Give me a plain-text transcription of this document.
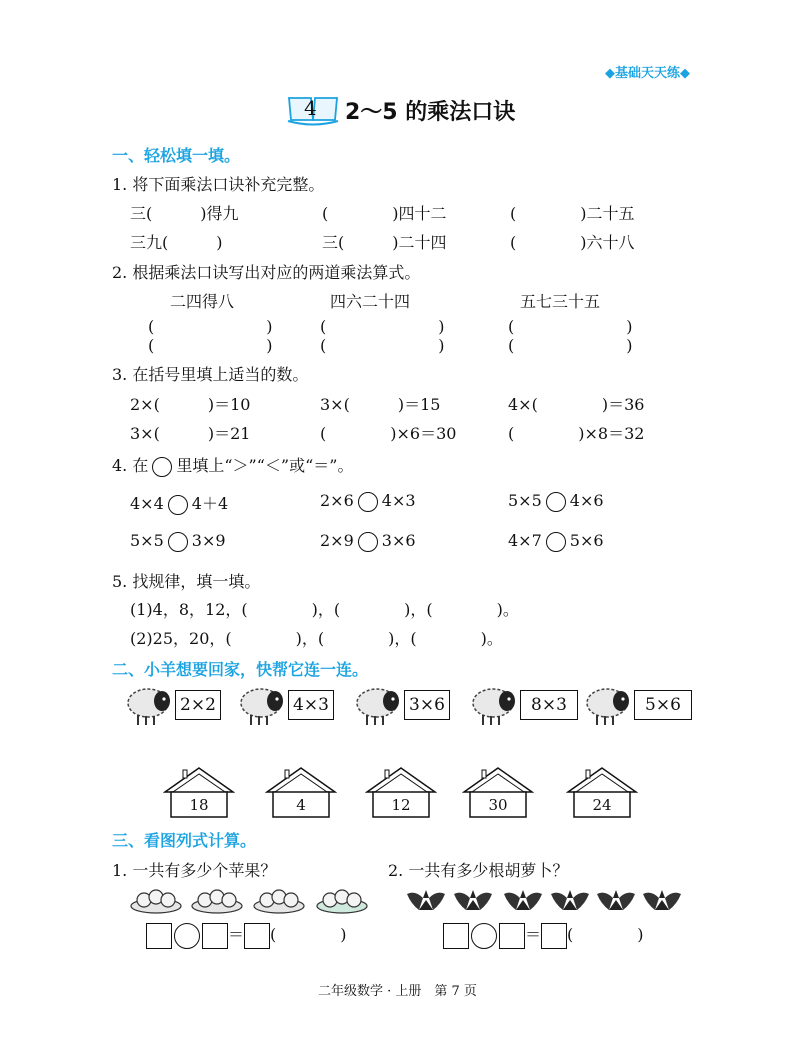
◆基础天天练◆
4 2～5 的乘法口诀
一、轻松填一填。
1. 将下面乘法口诀补充完整。
三(　　　)得九	(　　　　)四十二	(　　　　)二十五
三九(　　　)	三(　　　)二十四	(　　　　)六十八
2. 根据乘法口诀写出对应的两道乘法算式。
二四得八	四六二十四	五七三十五
(　　　　　　　)	(　　　　　　　)	(　　　　　　　)
(　　　　　　　)	(　　　　　　　)	(　　　　　　　)
3. 在括号里填上适当的数。
2×(　　　)＝10	3×(　　　)＝15	4×(　　　　)＝36
3×(　　　)＝21	(　　　　)×6＝30	(　　　　)×8＝32
4. 在 里填上“＞”“＜”或“＝”。
4×4 4＋4	2×6 4×3	5×5 4×6
5×5 3×9	2×9 3×6	4×7 5×6
5. 找规律，填一填。
(1)4，8，12，(　　　　)，(　　　　)，(　　　　)。
(2)25，20，(　　　　)，(　　　　)，(　　　　)。
二、小羊想要回家，快帮它连一连。
2×2	4×3	3×6	8×3	5×6
18	4	12	30	24
三、看图列式计算。
1. 一共有多少个苹果？	2. 一共有多少根胡萝卜？
＝ (　　　　)	＝ (　　　　)
二年级数学 · 上册　第 7 页
